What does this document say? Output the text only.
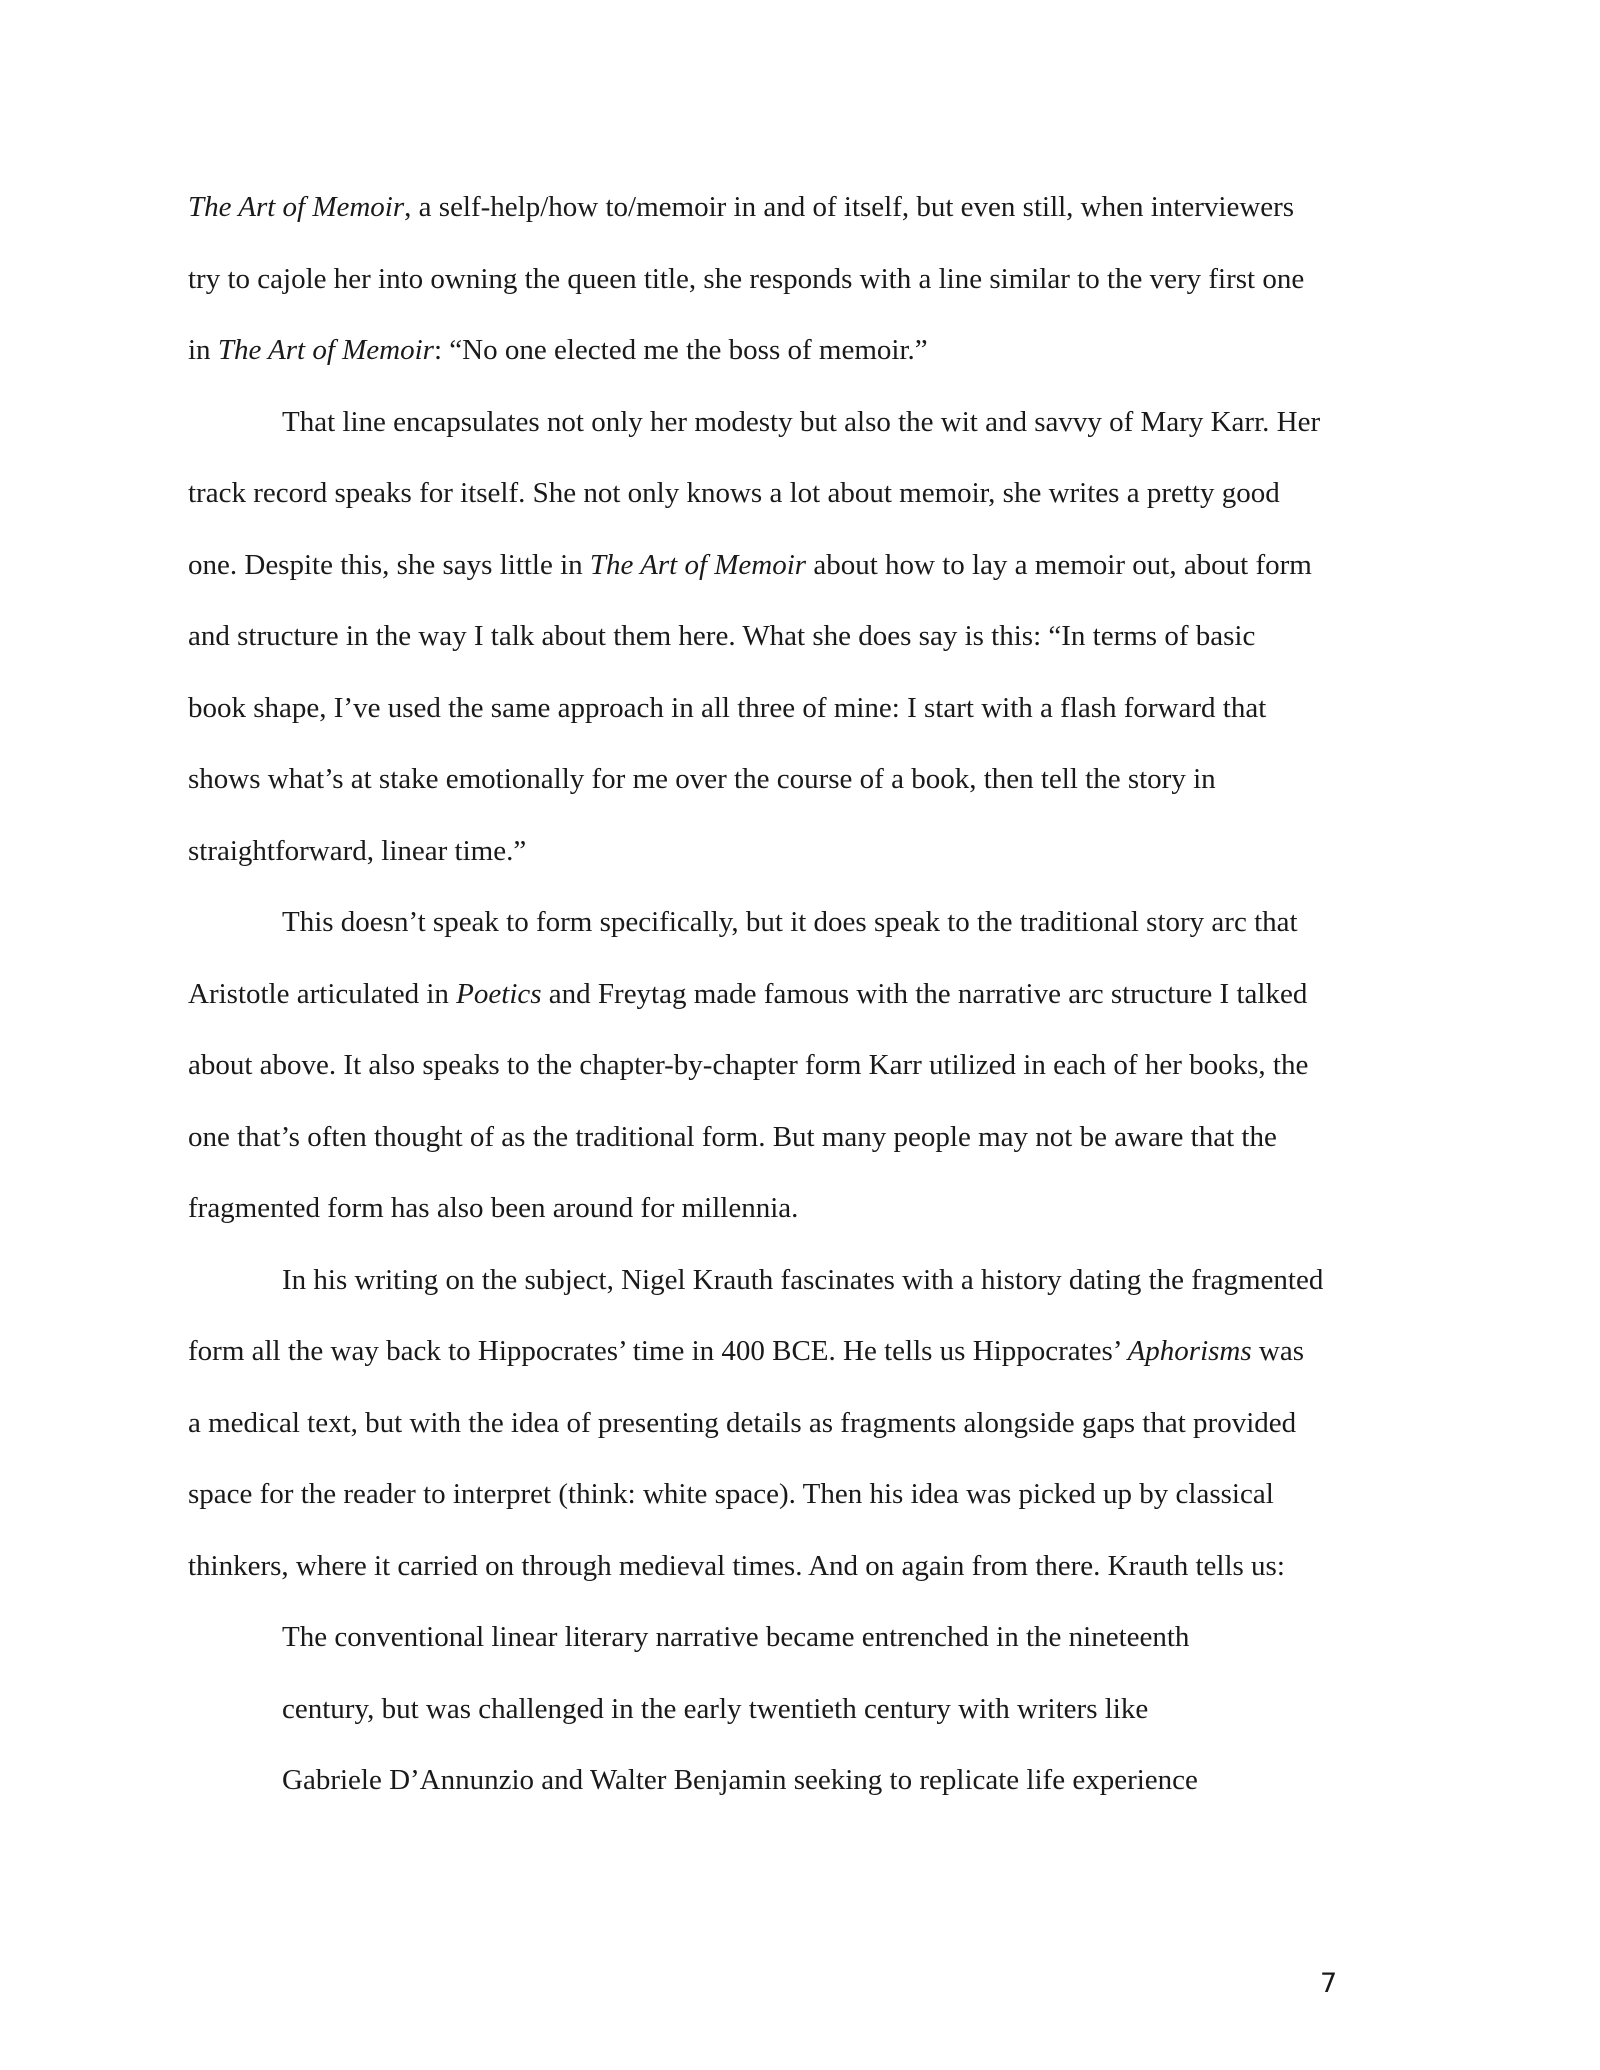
The Art of Memoir, a self-help/how to/memoir in and of itself, but even still, when interviewers
try to cajole her into owning the queen title, she responds with a line similar to the very first one
in The Art of Memoir: “No one elected me the boss of memoir.”
That line encapsulates not only her modesty but also the wit and savvy of Mary Karr. Her
track record speaks for itself. She not only knows a lot about memoir, she writes a pretty good
one. Despite this, she says little in The Art of Memoir about how to lay a memoir out, about form
and structure in the way I talk about them here. What she does say is this: “In terms of basic
book shape, I’ve used the same approach in all three of mine: I start with a flash forward that
shows what’s at stake emotionally for me over the course of a book, then tell the story in
straightforward, linear time.”
This doesn’t speak to form specifically, but it does speak to the traditional story arc that
Aristotle articulated in Poetics and Freytag made famous with the narrative arc structure I talked
about above. It also speaks to the chapter-by-chapter form Karr utilized in each of her books, the
one that’s often thought of as the traditional form. But many people may not be aware that the
fragmented form has also been around for millennia.
In his writing on the subject, Nigel Krauth fascinates with a history dating the fragmented
form all the way back to Hippocrates’ time in 400 BCE. He tells us Hippocrates’ Aphorisms was
a medical text, but with the idea of presenting details as fragments alongside gaps that provided
space for the reader to interpret (think: white space). Then his idea was picked up by classical
thinkers, where it carried on through medieval times. And on again from there. Krauth tells us:
The conventional linear literary narrative became entrenched in the nineteenth
century, but was challenged in the early twentieth century with writers like
Gabriele D’Annunzio and Walter Benjamin seeking to replicate life experience
7
